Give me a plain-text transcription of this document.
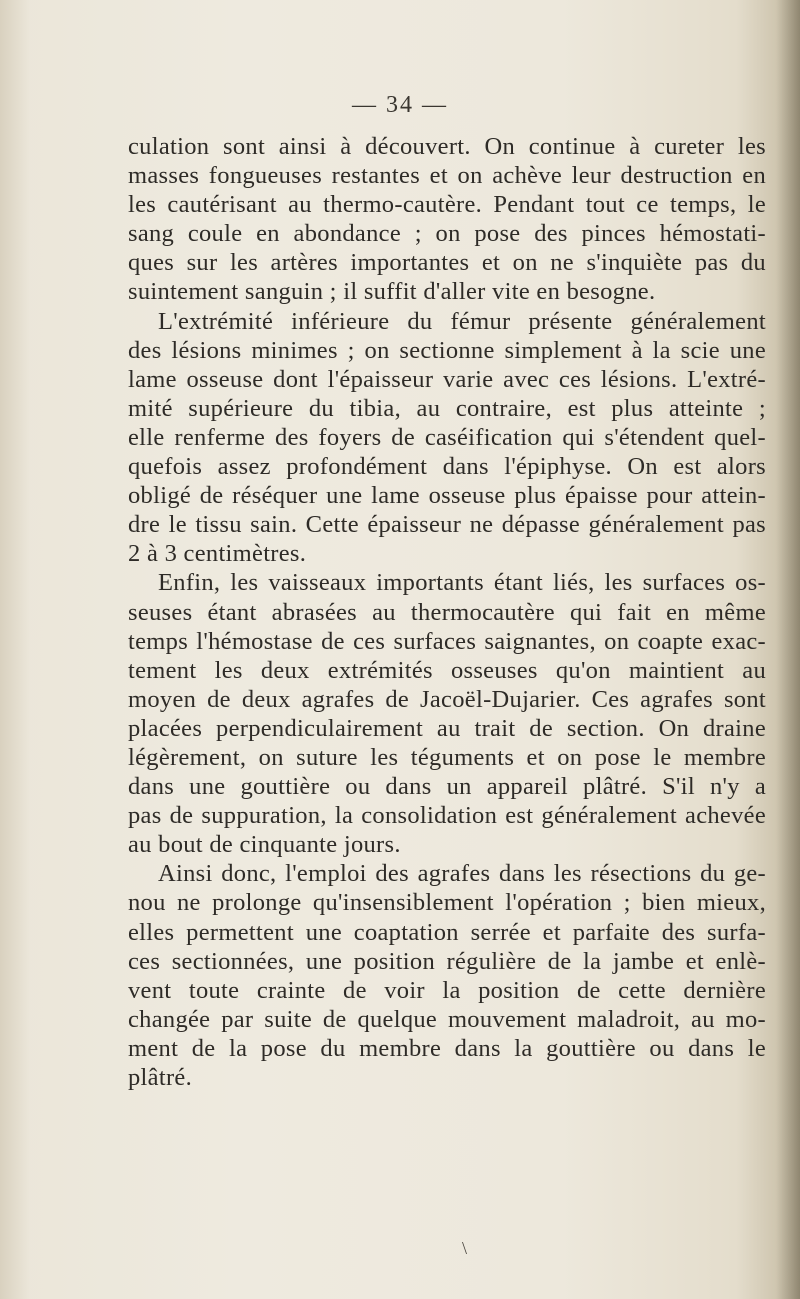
— 34 —
culation sont ainsi à découvert. On continue à cureter les
masses fongueuses restantes et on achève leur destruction en
les cautérisant au thermo-cautère. Pendant tout ce temps, le
sang coule en abondance ; on pose des pinces hémostati-
ques sur les artères importantes et on ne s'inquiète pas du
suintement sanguin ; il suffit d'aller vite en besogne.
L'extrémité inférieure du fémur présente généralement
des lésions minimes ; on sectionne simplement à la scie une
lame osseuse dont l'épaisseur varie avec ces lésions. L'extré-
mité supérieure du tibia, au contraire, est plus atteinte ;
elle renferme des foyers de caséification qui s'étendent quel-
quefois assez profondément dans l'épiphyse. On est alors
obligé de réséquer une lame osseuse plus épaisse pour attein-
dre le tissu sain. Cette épaisseur ne dépasse généralement pas
2 à 3 centimètres.
Enfin, les vaisseaux importants étant liés, les surfaces os-
seuses étant abrasées au thermocautère qui fait en même
temps l'hémostase de ces surfaces saignantes, on coapte exac-
tement les deux extrémités osseuses qu'on maintient au
moyen de deux agrafes de Jacoël-Dujarier. Ces agrafes sont
placées perpendiculairement au trait de section. On draine
légèrement, on suture les téguments et on pose le membre
dans une gouttière ou dans un appareil plâtré. S'il n'y a
pas de suppuration, la consolidation est généralement achevée
au bout de cinquante jours.
Ainsi donc, l'emploi des agrafes dans les résections du ge-
nou ne prolonge qu'insensiblement l'opération ; bien mieux,
elles permettent une coaptation serrée et parfaite des surfa-
ces sectionnées, une position régulière de la jambe et enlè-
vent toute crainte de voir la position de cette dernière
changée par suite de quelque mouvement maladroit, au mo-
ment de la pose du membre dans la gouttière ou dans le
plâtré.
\
